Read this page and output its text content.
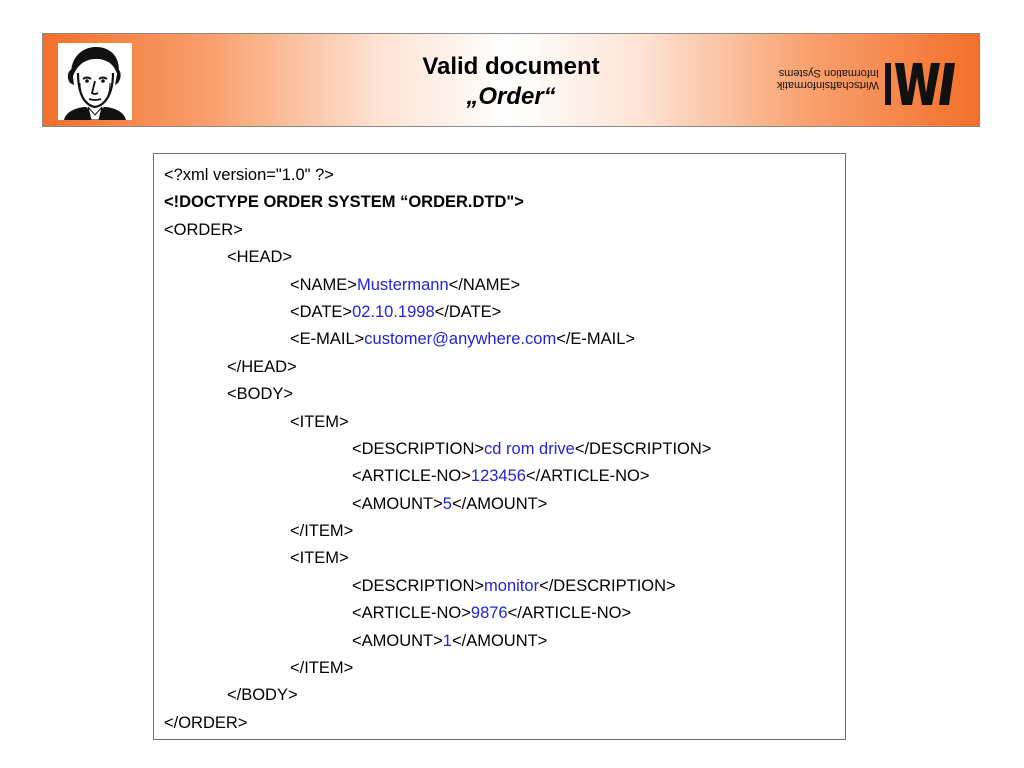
Valid document
„Order“	Wirtschaftsinformatik
Information Systems
<?xml version="1.0" ?>
<!DOCTYPE ORDER SYSTEM “ORDER.DTD">
<ORDER>
<HEAD>
<NAME>Mustermann</NAME>
<DATE>02.10.1998</DATE>
<E-MAIL>customer@anywhere.com</E-MAIL>
</HEAD>
<BODY>
<ITEM>
<DESCRIPTION>cd rom drive</DESCRIPTION>
<ARTICLE-NO>123456</ARTICLE-NO>
<AMOUNT>5</AMOUNT>
</ITEM>
<ITEM>
<DESCRIPTION>monitor</DESCRIPTION>
<ARTICLE-NO>9876</ARTICLE-NO>
<AMOUNT>1</AMOUNT>
</ITEM>
</BODY>
</ORDER>
